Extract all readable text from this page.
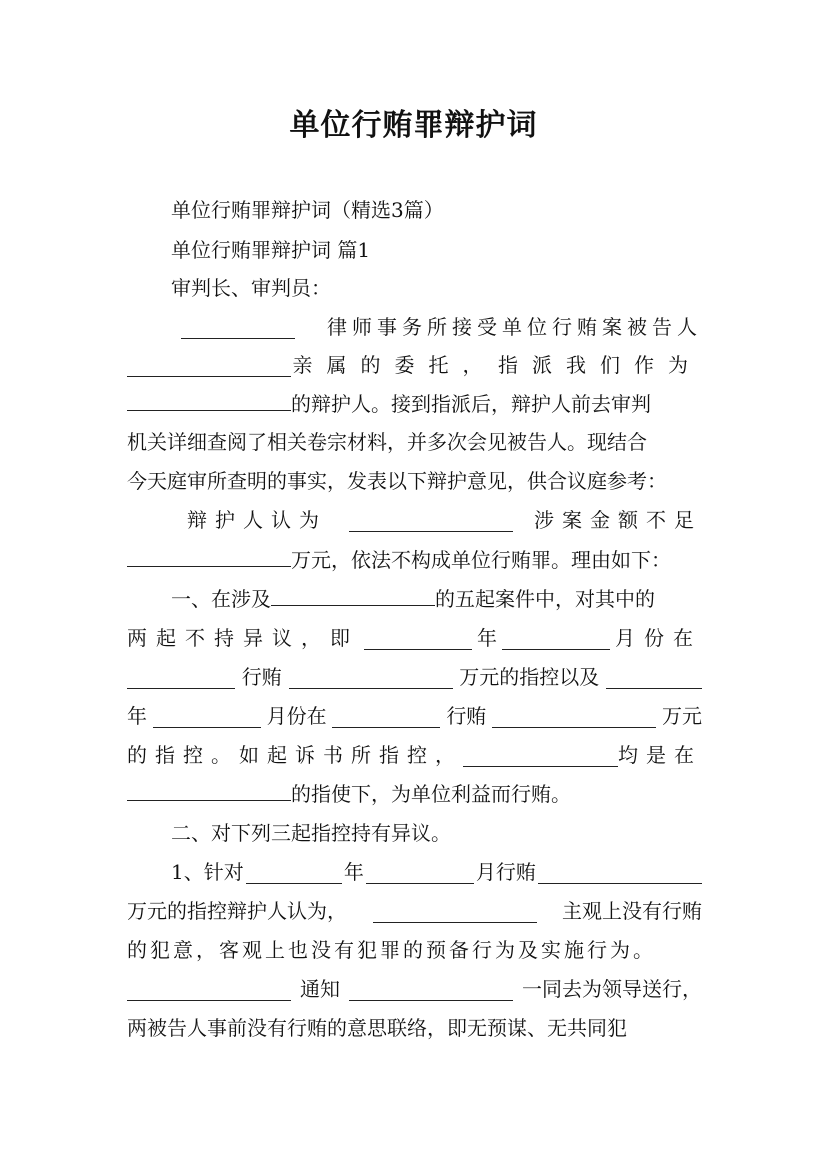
单位行贿罪辩护词
单位行贿罪辩护词（精选3篇）
单位行贿罪辩护词 篇1
审判长、审判员：
律师事务所接受单位行贿案被告人
亲属的委托， 指派我们作为
的辩护人。接到指派后，辩护人前去审判
机关详细查阅了相关卷宗材料，并多次会见被告人。现结合
今天庭审所查明的事实，发表以下辩护意见，供合议庭参考：
辩护人认为	涉案金额不足
万元，依法不构成单位行贿罪。理由如下：
一、在涉及	的五起案件中，对其中的
两起不持异议，即	年	月份在
行贿	万元的指控以及
年	月份在	行贿	万元
的指控。如起诉书所指控，	均是在
的指使下，为单位利益而行贿。
二、对下列三起指控持有异议。
1、针对	年	月行贿
万元的指控辩护人认为，	主观上没有行贿
的犯意，客观上也没有犯罪的预备行为及实施行为。
通知	一同去为领导送行，
两被告人事前没有行贿的意思联络，即无预谋、无共同犯
